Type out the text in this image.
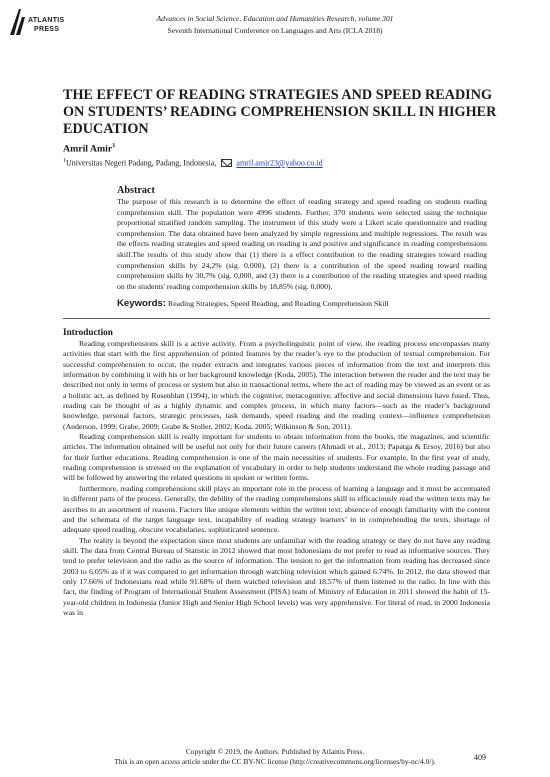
ATLANTIS
PRESS
Advances in Social Science, Education and Humanities Research, volume 301
Seventh International Conference on Languages and Arts (ICLA 2018)
THE EFFECT OF READING STRATEGIES AND SPEED READING ON STUDENTS’ READING COMPREHENSION SKILL IN HIGHER EDUCATION
Amril Amir$^1$
$^1$Universitas Negeri Padang, Padang, Indonesia,	amril.amir23@yahoo.co.id
Abstract

The purpose of this research is to determine the effect of reading strategy and speed reading on students reading comprehension skill. The population were 4996 students. Further, 370 students were selected using the technique proportional stratified random sampling. The instrument of this study were a Likert scale questionnaire and reading comprehension. The data obtained have been analyzed by simple regressions and multiple regressions. The result was the effects reading strategies and speed reading on reading is and positive and significance in reading comprehensions skill.The results of this study show that (1) there is a effect contribution to the reading strategies toward reading comprehension skills by 24,2% (sig. 0,000), (2) there is a contribution of the speed reading toward reading comprehension skills by 30,7% (sig. 0,000, and (3) there is a contribution of the reading strategies and speed reading on the students' reading comprehension skills by 18,85% (sig. 0,000).

Keywords: Reading Strategies, Speed Reading, and Reading Comprehension Skill
Introduction

Reading comprehensions skill is a active activity. From a psycholinguistic point of view, the reading process encompasses many activities that start with the first apprehension of printed features by the reader’s eye to the production of textual comprehension. For successful comprehension to occur, the reader extracts and integrates various pieces of information from the text and interprets this information by combining it with his or her background knowledge (Koda, 2005). The interaction between the reader and the text may be described not only in terms of process or system but also in transactional terms, where the act of reading may be viewed as an event or as a holistic act, as defined by Rosenblatt (1994), in which the cognitive, metacognitive, affective and social dimensions have fused. Thus, reading can be thought of as a highly dynamic and complex process, in which many factors—such as the reader’s background knowledge, personal factors, strategic processes, task demands, speed reading and the reading context—influence comprehension (Anderson, 1999; Grabe, 2009; Grabe & Stoller, 2002; Koda, 2005; Wilkinson & Son, 2011).

Reading comprehension skill is really important for students to obtain information from the books, the magazines, and scientific articles. The information obtained will be useful not only for their future careers (Ahmadi et al., 2013; Papatga & Ersoy, 2016) but also for their further educations. Reading comprehension is one of the main necessities of students. For example, In the first year of study, reading comprehension is stressed on the explanation of vocabulary in order to help students understand the whole reading passage and will be followed by answering the related questions in spoken or written forms.

furthermore, reading comprehensions skill plays an important role in the process of learning a language and it must be accentuated in different parts of the process. Generally, the debility of the reading comprehensions skill to efficaciously read the written texts may be ascribes to an assortment of reasons. Factors like unique elements within the written text, absence of enough familiarity with the content and the schemata of the target language text, incapability of reading strategy learners’ in in comprehending the texts, shortage of adequate speed reading, obscure vocabularies, sophisticated sentence.

The reality is beyond the expectation since most students are unfamiliar with the reading strategy or they do not have any reading skill. The data from Central Bureau of Statistic in 2012 showed that most Indonesians do not prefer to read as informative sources. They tend to prefer television and the radio as the source of information. The tension to get the information from reading has decreased since 2003 to 6.05% as if it was compared to get information through watching television which gained 6.74%. In 2012, the data showed that only 17.66% of Indonesians read while 91.68% of them watched television and 18.57% of them listened to the radio. In line with this fact, the finding of Program of International Student Assessment (PISA) team of Ministry of Education in 2011 showed the habit of 15-year-old children in Indonesia (Junior High and Senior High School levels) was very apprehensive. For literal of read, in 2000 Indonesia was in

Copyright © 2019, the Authors. Published by Atlantis Press.
This is an open access article under the CC BY-NC license (http://creativecommons.org/licenses/by-nc/4.0/).	409
